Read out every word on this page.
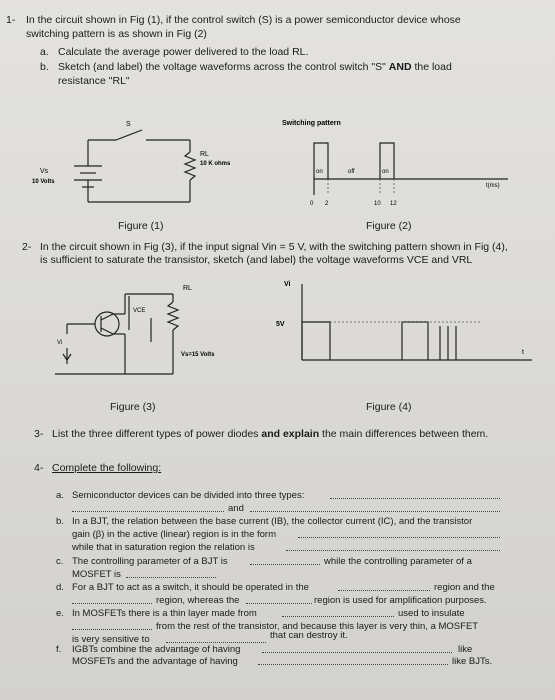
1- In the circuit shown in Fig (1), if the control switch (S) is a power semiconductor device whose
switching pattern is as shown in Fig (2)
a. Calculate the average power delivered to the load RL.
b. Sketch (and label) the voltage waveforms across the control switch "S" AND the load
resistance "RL"
S
RL
10 K ohms
Vs
10 Volts
Switching pattern
on	off	on
t(ms)
0 2	10 12
Figure (1)	Figure (2)
2- In the circuit shown in Fig (3), if the input signal Vin = 5 V, with the switching pattern shown in Fig (4),
is sufficient to saturate the transistor, sketch (and label) the voltage waveforms VCE and VRL
RL
VCE
Vi
Vs=15 Volts
Vi
5V
t
Figure (3)	Figure (4)
3- List the three different types of power diodes and explain the main differences between them.
4- Complete the following:
a. Semiconductor devices can be divided into three types:
and
b. In a BJT, the relation between the base current (IB), the collector current (IC), and the transistor
gain (β) in the active (linear) region is in the form
while that in saturation region the relation is
c. The controlling parameter of a BJT is	while the controlling parameter of a
MOSFET is
d. For a BJT to act as a switch, it should be operated in the	region and the
region, whereas the	region is used for amplification purposes.
e. In MOSFETs there is a thin layer made from	used to insulate
from the rest of the transistor, and because this layer is very thin, a MOSFET
is very sensitive to	that can destroy it.
f. IGBTs combine the advantage of having	like
MOSFETs and the advantage of having	like BJTs.
